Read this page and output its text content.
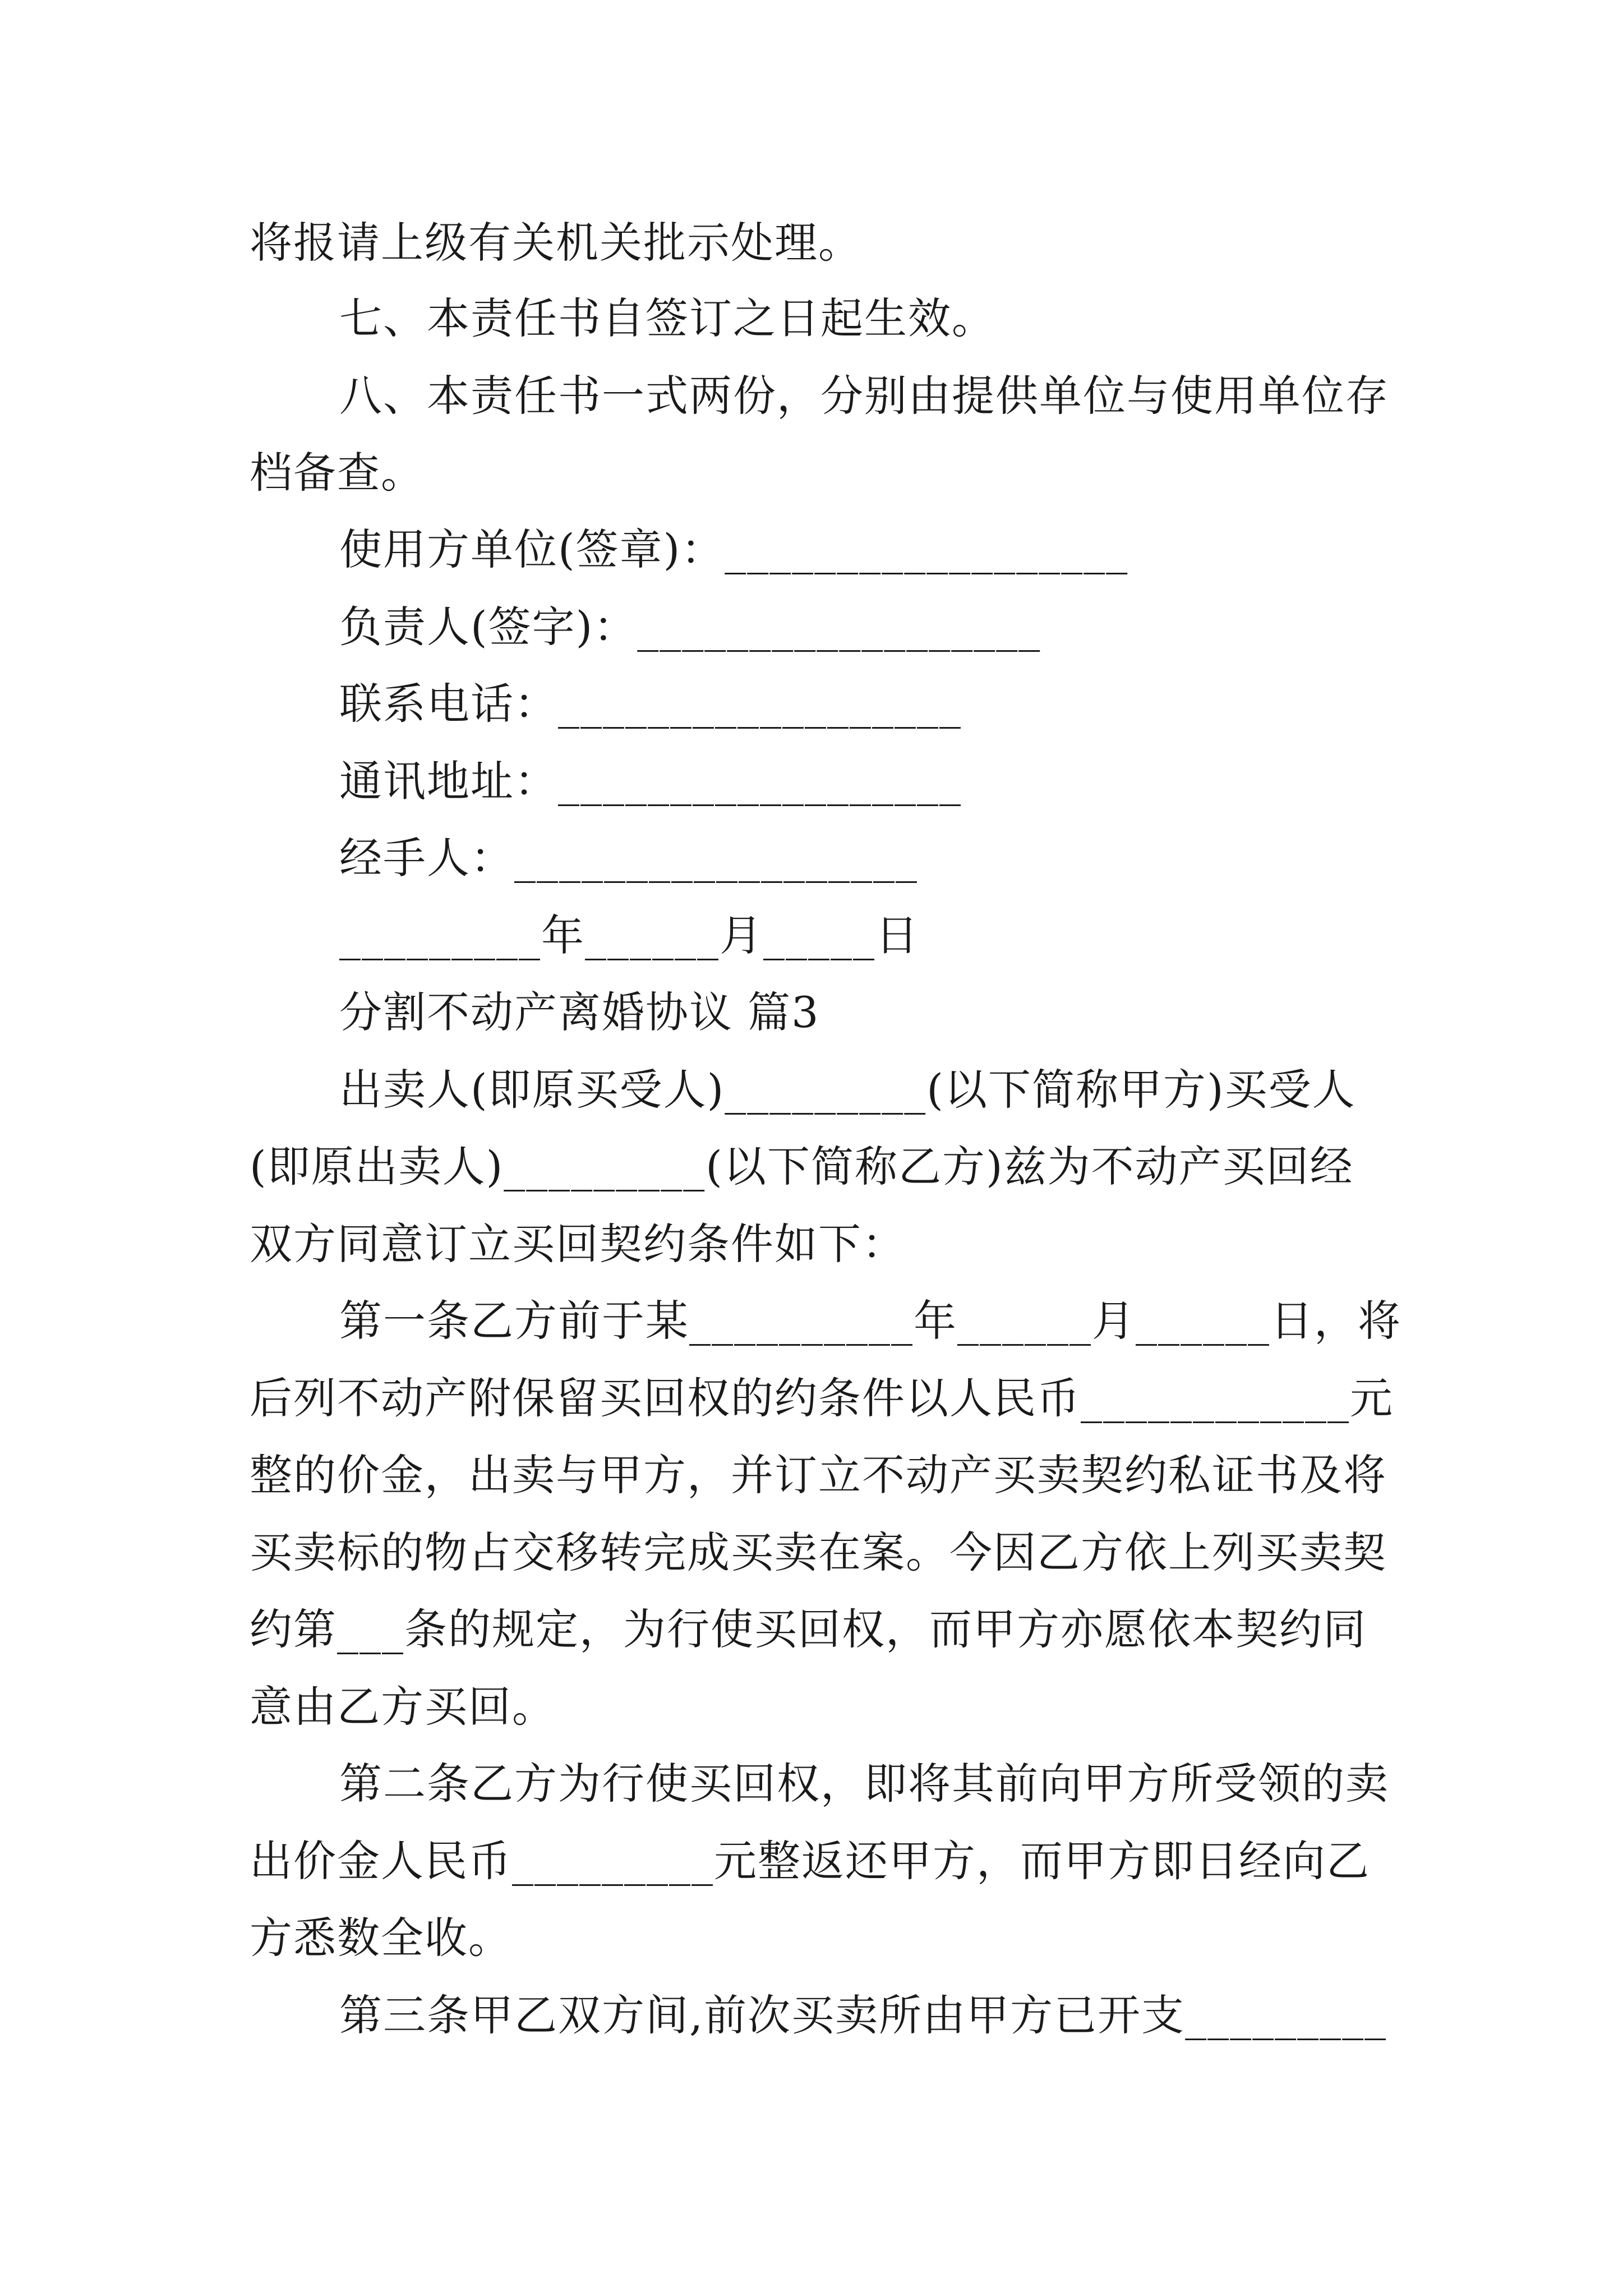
将报请上级有关机关批示处理。
七、本责任书自签订之日起生效。
八、本责任书一式两份，分别由提供单位与使用单位存
档备查。
使用方单位(签章)：__________________
负责人(签字)：__________________
联系电话：__________________
通讯地址：__________________
经手人：__________________
_________年______月_____日
分割不动产离婚协议 篇3
出卖人(即原买受人)_________(以下简称甲方)买受人
(即原出卖人)_________(以下简称乙方)兹为不动产买回经
双方同意订立买回契约条件如下：
第一条乙方前于某__________年______月______日，将
后列不动产附保留买回权的约条件以人民币____________元
整的价金，出卖与甲方，并订立不动产买卖契约私证书及将
买卖标的物占交移转完成买卖在案。今因乙方依上列买卖契
约第___条的规定，为行使买回权，而甲方亦愿依本契约同
意由乙方买回。
第二条乙方为行使买回权，即将其前向甲方所受领的卖
出价金人民币_________元整返还甲方，而甲方即日经向乙
方悉数全收。
第三条甲乙双方间,前次买卖所由甲方已开支_________
